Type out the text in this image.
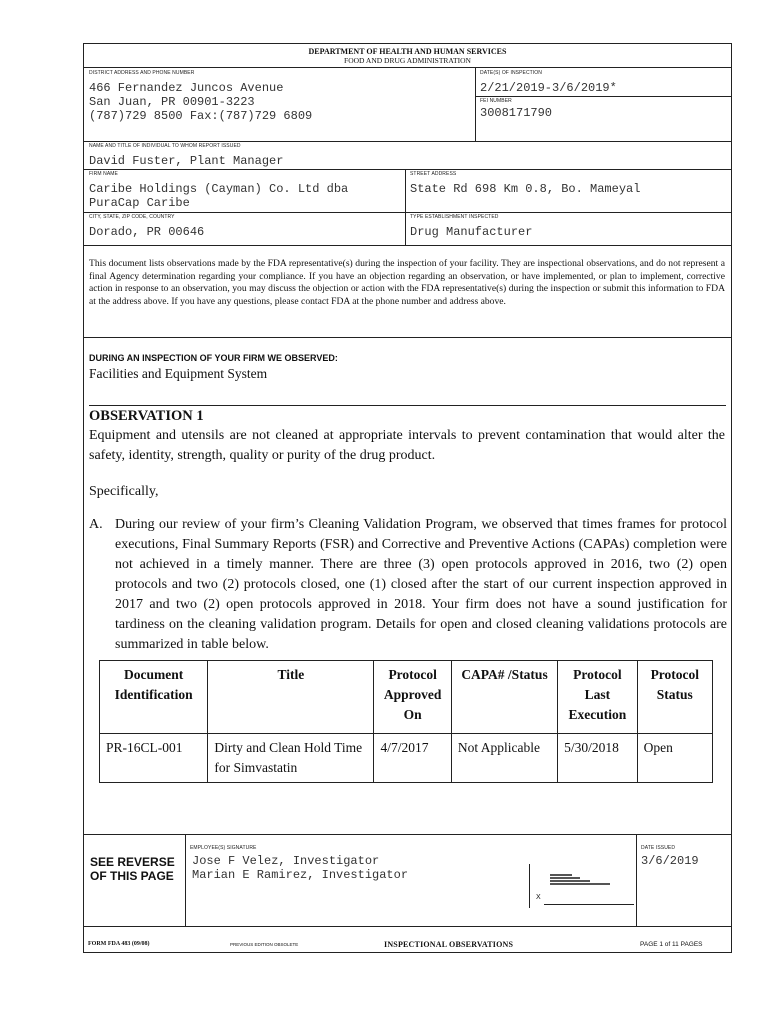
DEPARTMENT OF HEALTH AND HUMAN SERVICES
FOOD AND DRUG ADMINISTRATION
DISTRICT ADDRESS AND PHONE NUMBER
466 Fernandez Juncos Avenue
San Juan, PR 00901-3223
(787)729 8500 Fax:(787)729 6809
DATE(S) OF INSPECTION
2/21/2019-3/6/2019*
FEI NUMBER
3008171790
NAME AND TITLE OF INDIVIDUAL TO WHOM REPORT ISSUED
David Fuster, Plant Manager
FIRM NAME
Caribe Holdings (Cayman) Co. Ltd dba
PuraCap Caribe
STREET ADDRESS
State Rd 698 Km 0.8, Bo. Mameyal
CITY, STATE, ZIP CODE, COUNTRY
Dorado, PR 00646
TYPE ESTABLISHMENT INSPECTED
Drug Manufacturer
This document lists observations made by the FDA representative(s) during the inspection of your facility. They are inspectional observations, and do not represent a final Agency determination regarding your compliance. If you have an objection regarding an observation, or have implemented, or plan to implement, corrective action in response to an observation, you may discuss the objection or action with the FDA representative(s) during the inspection or submit this information to FDA at the address above. If you have any questions, please contact FDA at the phone number and address above.
DURING AN INSPECTION OF YOUR FIRM WE OBSERVED:
Facilities and Equipment System
OBSERVATION 1
Equipment and utensils are not cleaned at appropriate intervals to prevent contamination that would alter the safety, identity, strength, quality or purity of the drug product.
Specifically,
A. During our review of your firm’s Cleaning Validation Program, we observed that times frames for protocol executions, Final Summary Reports (FSR) and Corrective and Preventive Actions (CAPAs) completion were not achieved in a timely manner. There are three (3) open protocols approved in 2016, two (2) open protocols and two (2) protocols closed, one (1) closed after the start of our current inspection approved in 2017 and two (2) open protocols approved in 2018. Your firm does not have a sound justification for tardiness on the cleaning validation program. Details for open and closed cleaning validations protocols are summarized in table below.
Document Identification	Title	Protocol Approved On	CAPA# /Status	Protocol Last Execution	Protocol Status
PR-16CL-001	Dirty and Clean Hold Time for Simvastatin	4/7/2017	Not Applicable	5/30/2018	Open
SEE REVERSE
OF THIS PAGE
EMPLOYEE(S) SIGNATURE
Jose F Velez, Investigator
Marian E Ramirez, Investigator
X
DATE ISSUED
3/6/2019
FORM FDA 483 (09/08)	PREVIOUS EDITION OBSOLETE	INSPECTIONAL OBSERVATIONS	PAGE 1 of 11 PAGES
